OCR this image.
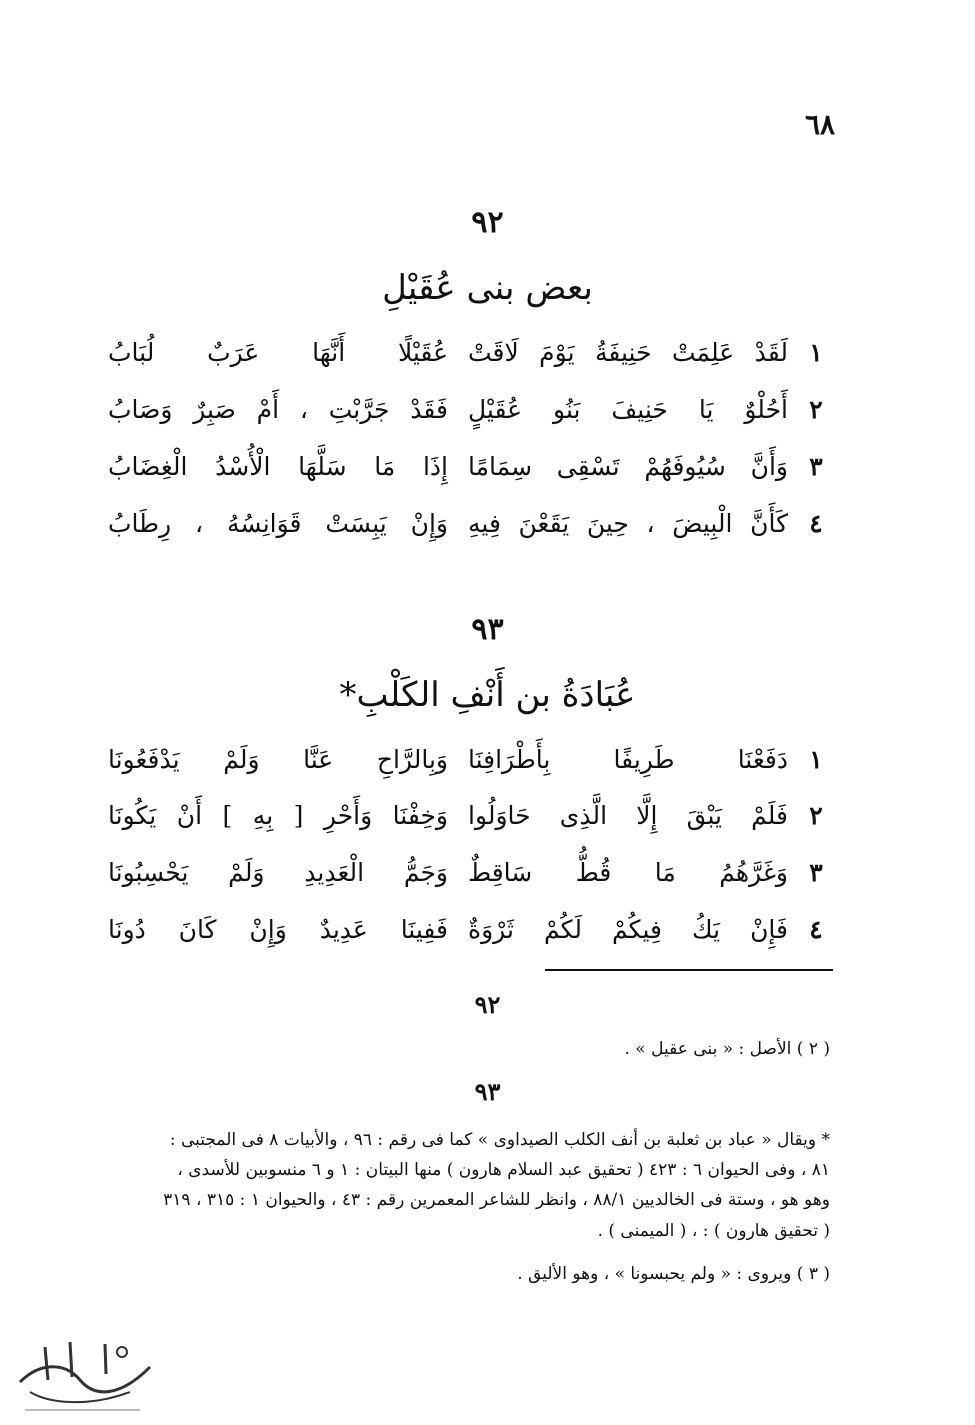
٦٨
٩٢
بعض بنى عُقَيْلِ
١
لَقَدْ عَلِمَتْ حَنِيفَةُ يَوْمَ لَاقَتْ
عُقَيْلًا أَنَّهَا عَرَبٌ لُبَابُ
٢
أَحُلْوٌ يَا حَنِيفَ بَنُو عُقَيْلٍ
فَقَدْ جَرَّبْتِ ، أَمْ صَبِرٌ وَصَابُ
٣
وَأَنَّ سُيُوفَهُمْ تَسْقِى سِمَامًا
إِذَا مَا سَلَّهَا الْأُسْدُ الْغِضَابُ
٤
كَأَنَّ الْبِيضَ ، حِينَ يَقَعْنَ فِيهِ
وَإِنْ يَبِسَتْ قَوَانِسُهُ ، رِطَابُ
٩٣
عُبَادَةُ بن أَنْفِ الكَلْبِ*
١
دَفَعْنَا طَرِيفًا بِأَطْرَافِنَا
وَبِالرَّاحِ عَنَّا وَلَمْ يَدْفَعُونَا
٢
فَلَمْ يَبْقَ إِلَّا الَّذِى حَاوَلُوا
وَخِفْنَا وَأَحْرِ [ بِهِ ] أَنْ يَكُونَا
٣
وَغَرَّهُمُ مَا قُطُّ سَاقِطٌ
وَجَمُّ الْعَدِيدِ وَلَمْ يَحْسِبُونَا
٤
فَإِنْ يَكُ فِيكُمْ لَكُمْ ثَرْوَةٌ
فَفِينَا عَدِيدٌ وَإِنْ كَانَ دُونَا
٩٢
( ٢ ) الأصل : « بنى عقيل » .
٩٣
* ويقال « عباد بن ثعلبة بن أنف الكلب الصيداوى » كما فى رقم : ٩٦ ، والأبيات ٨ فى المجتبى :
٨١ ، وفى الحيوان ٦ : ٤٢٣ ( تحقيق عبد السلام هارون ) منها البيتان : ١ و ٦ منسوبين للأسدى ،
وهو هو ، وستة فى الخالديين ٨٨/١ ، وانظر للشاعر المعمرين رقم : ٤٣ ، والحيوان ١ : ٣١٥ ، ٣١٩
( تحقيق هارون ) : ، ( الميمنى ) .
( ٣ ) ويروى : « ولم يحبسونا » ، وهو الأليق .
